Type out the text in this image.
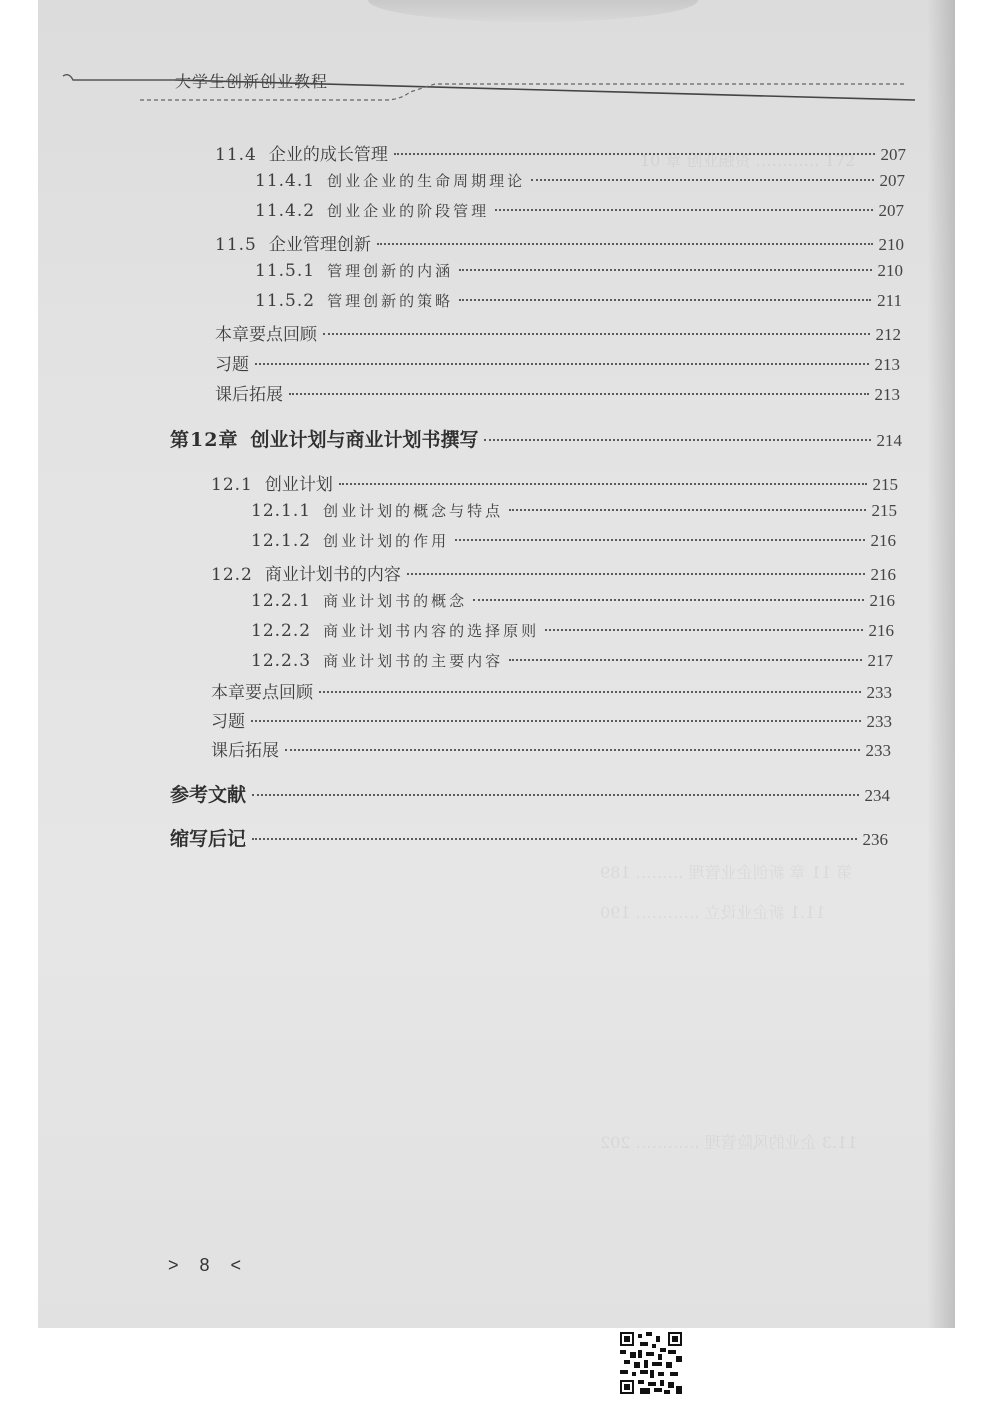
大学生创新创业教程
10 章 创业融资 ………… 172
第 11 章 新创企业管理 ……… 189
11.1 新企业设立 ………… 190
11.3 企业的风险管理 ………… 202
11.4 企业的成长管理	207
11.4.1 创业企业的生命周期理论	207
11.4.2 创业企业的阶段管理	207
11.5 企业管理创新	210
11.5.1 管理创新的内涵	210
11.5.2 管理创新的策略	211
本章要点回顾	212
习题	213
课后拓展	213
第12章 创业计划与商业计划书撰写	214
12.1 创业计划	215
12.1.1 创业计划的概念与特点	215
12.1.2 创业计划的作用	216
12.2 商业计划书的内容	216
12.2.1 商业计划书的概念	216
12.2.2 商业计划书内容的选择原则	216
12.2.3 商业计划书的主要内容	217
本章要点回顾	233
习题	233
课后拓展	233
参考文献	234
缩写后记	236
> 8 <
